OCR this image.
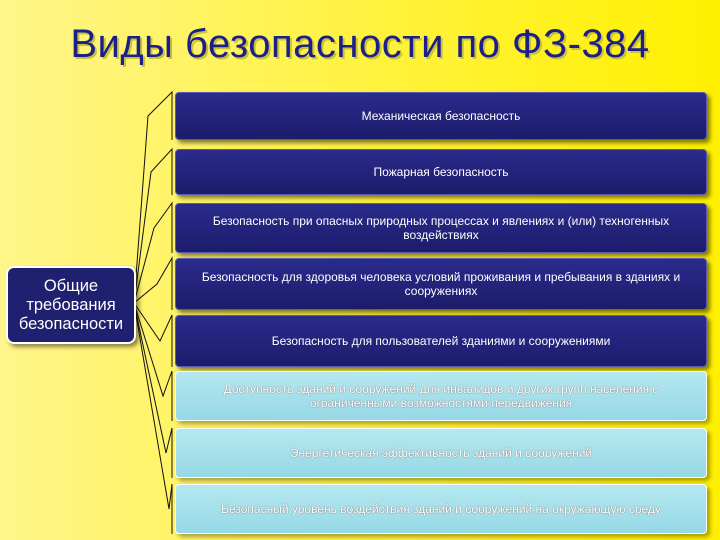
Виды безопасности по ФЗ-384
Общие требования безопасности
Механическая безопасность
Пожарная безопасность
Безопасность при опасных природных процессах и явлениях и (или) техногенных воздействиях
Безопасность для здоровья человека условий проживания и пребывания в зданиях и сооружениях
Безопасность для пользователей зданиями и сооружениями
Доступность зданий и сооружений для инвалидов и других групп населения с ограниченными возможностями передвижения
Энергетическая эффективность зданий и сооружений
Безопасный уровень воздействия зданий и сооружений на окружающую среду
